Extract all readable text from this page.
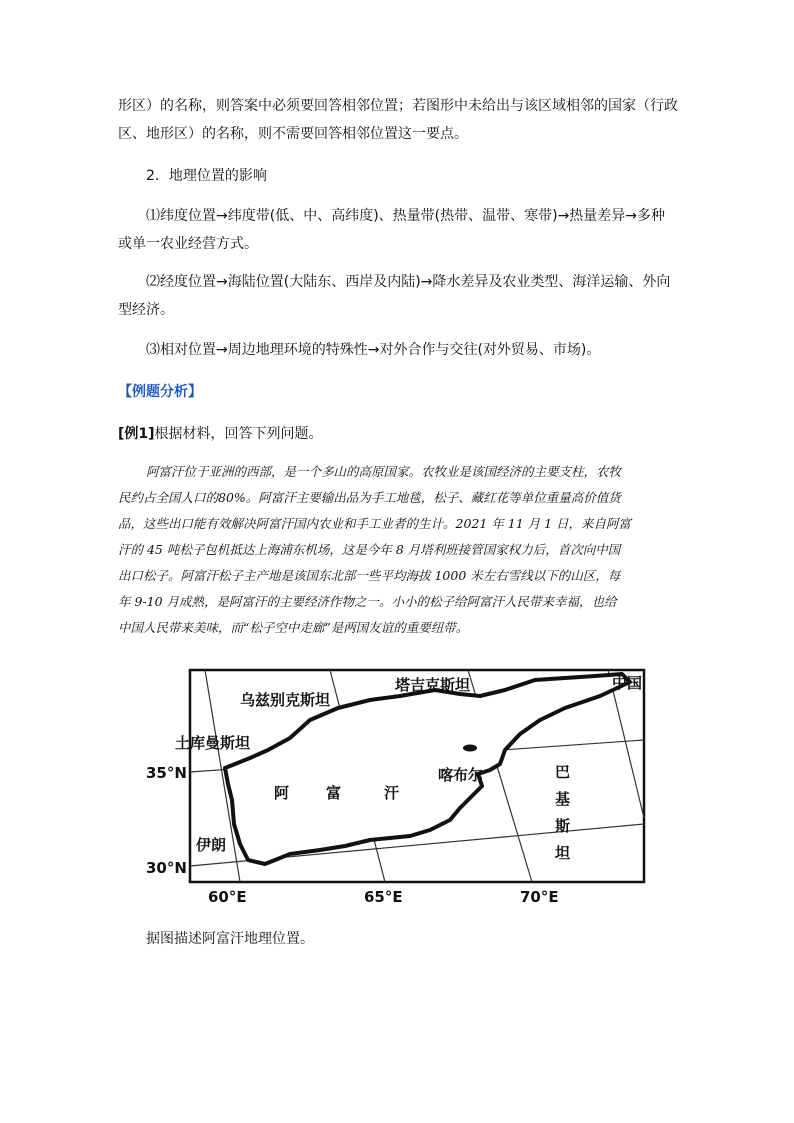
形区）的名称，则答案中必须要回答相邻位置；若图形中未给出与该区域相邻的国家（行政
区、地形区）的名称，则不需要回答相邻位置这一要点。
2．地理位置的影响
⑴纬度位置→纬度带(低、中、高纬度)、热量带(热带、温带、寒带)→热量差异→多种
或单一农业经营方式。
⑵经度位置→海陆位置(大陆东、西岸及内陆)→降水差异及农业类型、海洋运输、外向
型经济。
⑶相对位置→周边地理环境的特殊性→对外合作与交往(对外贸易、市场)。
【例题分析】
[例1]根据材料，回答下列问题。
阿富汗位于亚洲的西部，是一个多山的高原国家。农牧业是该国经济的主要支柱，农牧
民约占全国人口的80%。阿富汗主要输出品为手工地毯，松子、藏红花等单位重量高价值货
品，这些出口能有效解决阿富汗国内农业和手工业者的生计。2021 年 11 月 1 日，来自阿富
汗的 45 吨松子包机抵达上海浦东机场，这是今年 8 月塔利班接管国家权力后，首次向中国
出口松子。阿富汗松子主产地是该国东北部一些平均海拔 1000 米左右雪线以下的山区，每
年 9-10 月成熟，是阿富汗的主要经济作物之一。小小的松子给阿富汗人民带来幸福，也给
中国人民带来美味，而“松子空中走廊”是两国友谊的重要纽带。
乌兹别克斯坦
塔吉克斯坦	中国
土库曼斯坦
阿 富	汗
喀布尔	巴
基
斯
坦
伊朗
35°N
30°N
60°E	65°E	70°E
据图描述阿富汗地理位置。
